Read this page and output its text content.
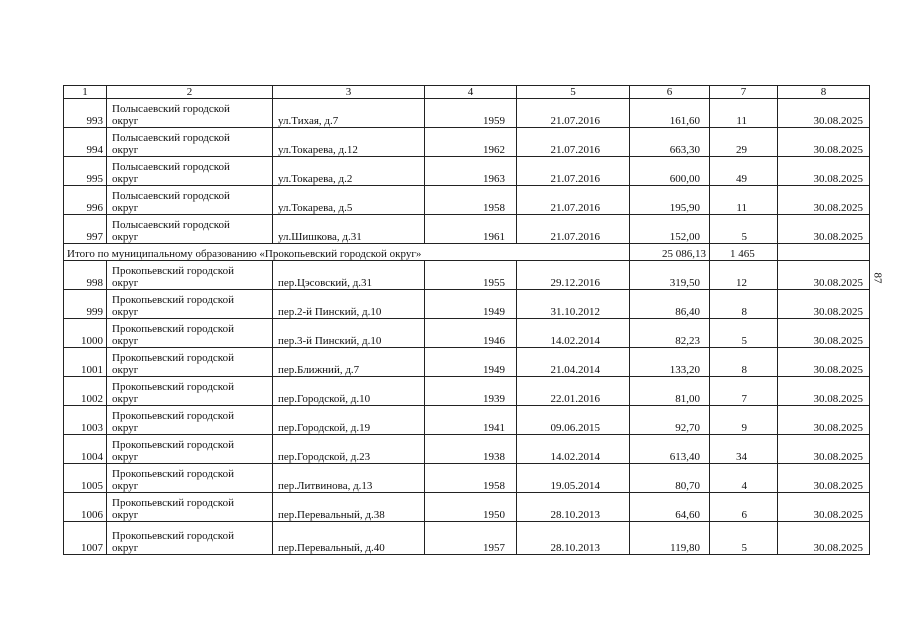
87
1	2	3	4	5	6	7	8
993	Полысаевский городской
округ	ул.Тихая, д.7	1959	21.07.2016	161,60	11	30.08.2025
994	Полысаевский городской
округ	ул.Токарева, д.12	1962	21.07.2016	663,30	29	30.08.2025
995	Полысаевский городской
округ	ул.Токарева, д.2	1963	21.07.2016	600,00	49	30.08.2025
996	Полысаевский городской
округ	ул.Токарева, д.5	1958	21.07.2016	195,90	11	30.08.2025
997	Полысаевский городской
округ	ул.Шишкова, д.31	1961	21.07.2016	152,00	5	30.08.2025
Итого по муниципальному образованию «Прокопьевский городской округ»					25 086,13	1 465	
998	Прокопьевский городской
округ	пер.Цэсовский, д.31	1955	29.12.2016	319,50	12	30.08.2025
999	Прокопьевский городской
округ	пер.2-й Пинский, д.10	1949	31.10.2012	86,40	8	30.08.2025
1000	Прокопьевский городской
округ	пер.3-й Пинский, д.10	1946	14.02.2014	82,23	5	30.08.2025
1001	Прокопьевский городской
округ	пер.Ближний, д.7	1949	21.04.2014	133,20	8	30.08.2025
1002	Прокопьевский городской
округ	пер.Городской, д.10	1939	22.01.2016	81,00	7	30.08.2025
1003	Прокопьевский городской
округ	пер.Городской, д.19	1941	09.06.2015	92,70	9	30.08.2025
1004	Прокопьевский городской
округ	пер.Городской, д.23	1938	14.02.2014	613,40	34	30.08.2025
1005	Прокопьевский городской
округ	пер.Литвинова, д.13	1958	19.05.2014	80,70	4	30.08.2025
1006	Прокопьевский городской
округ	пер.Перевальный, д.38	1950	28.10.2013	64,60	6	30.08.2025
1007	Прокопьевский городской
округ	пер.Перевальный, д.40	1957	28.10.2013	119,80	5	30.08.2025
